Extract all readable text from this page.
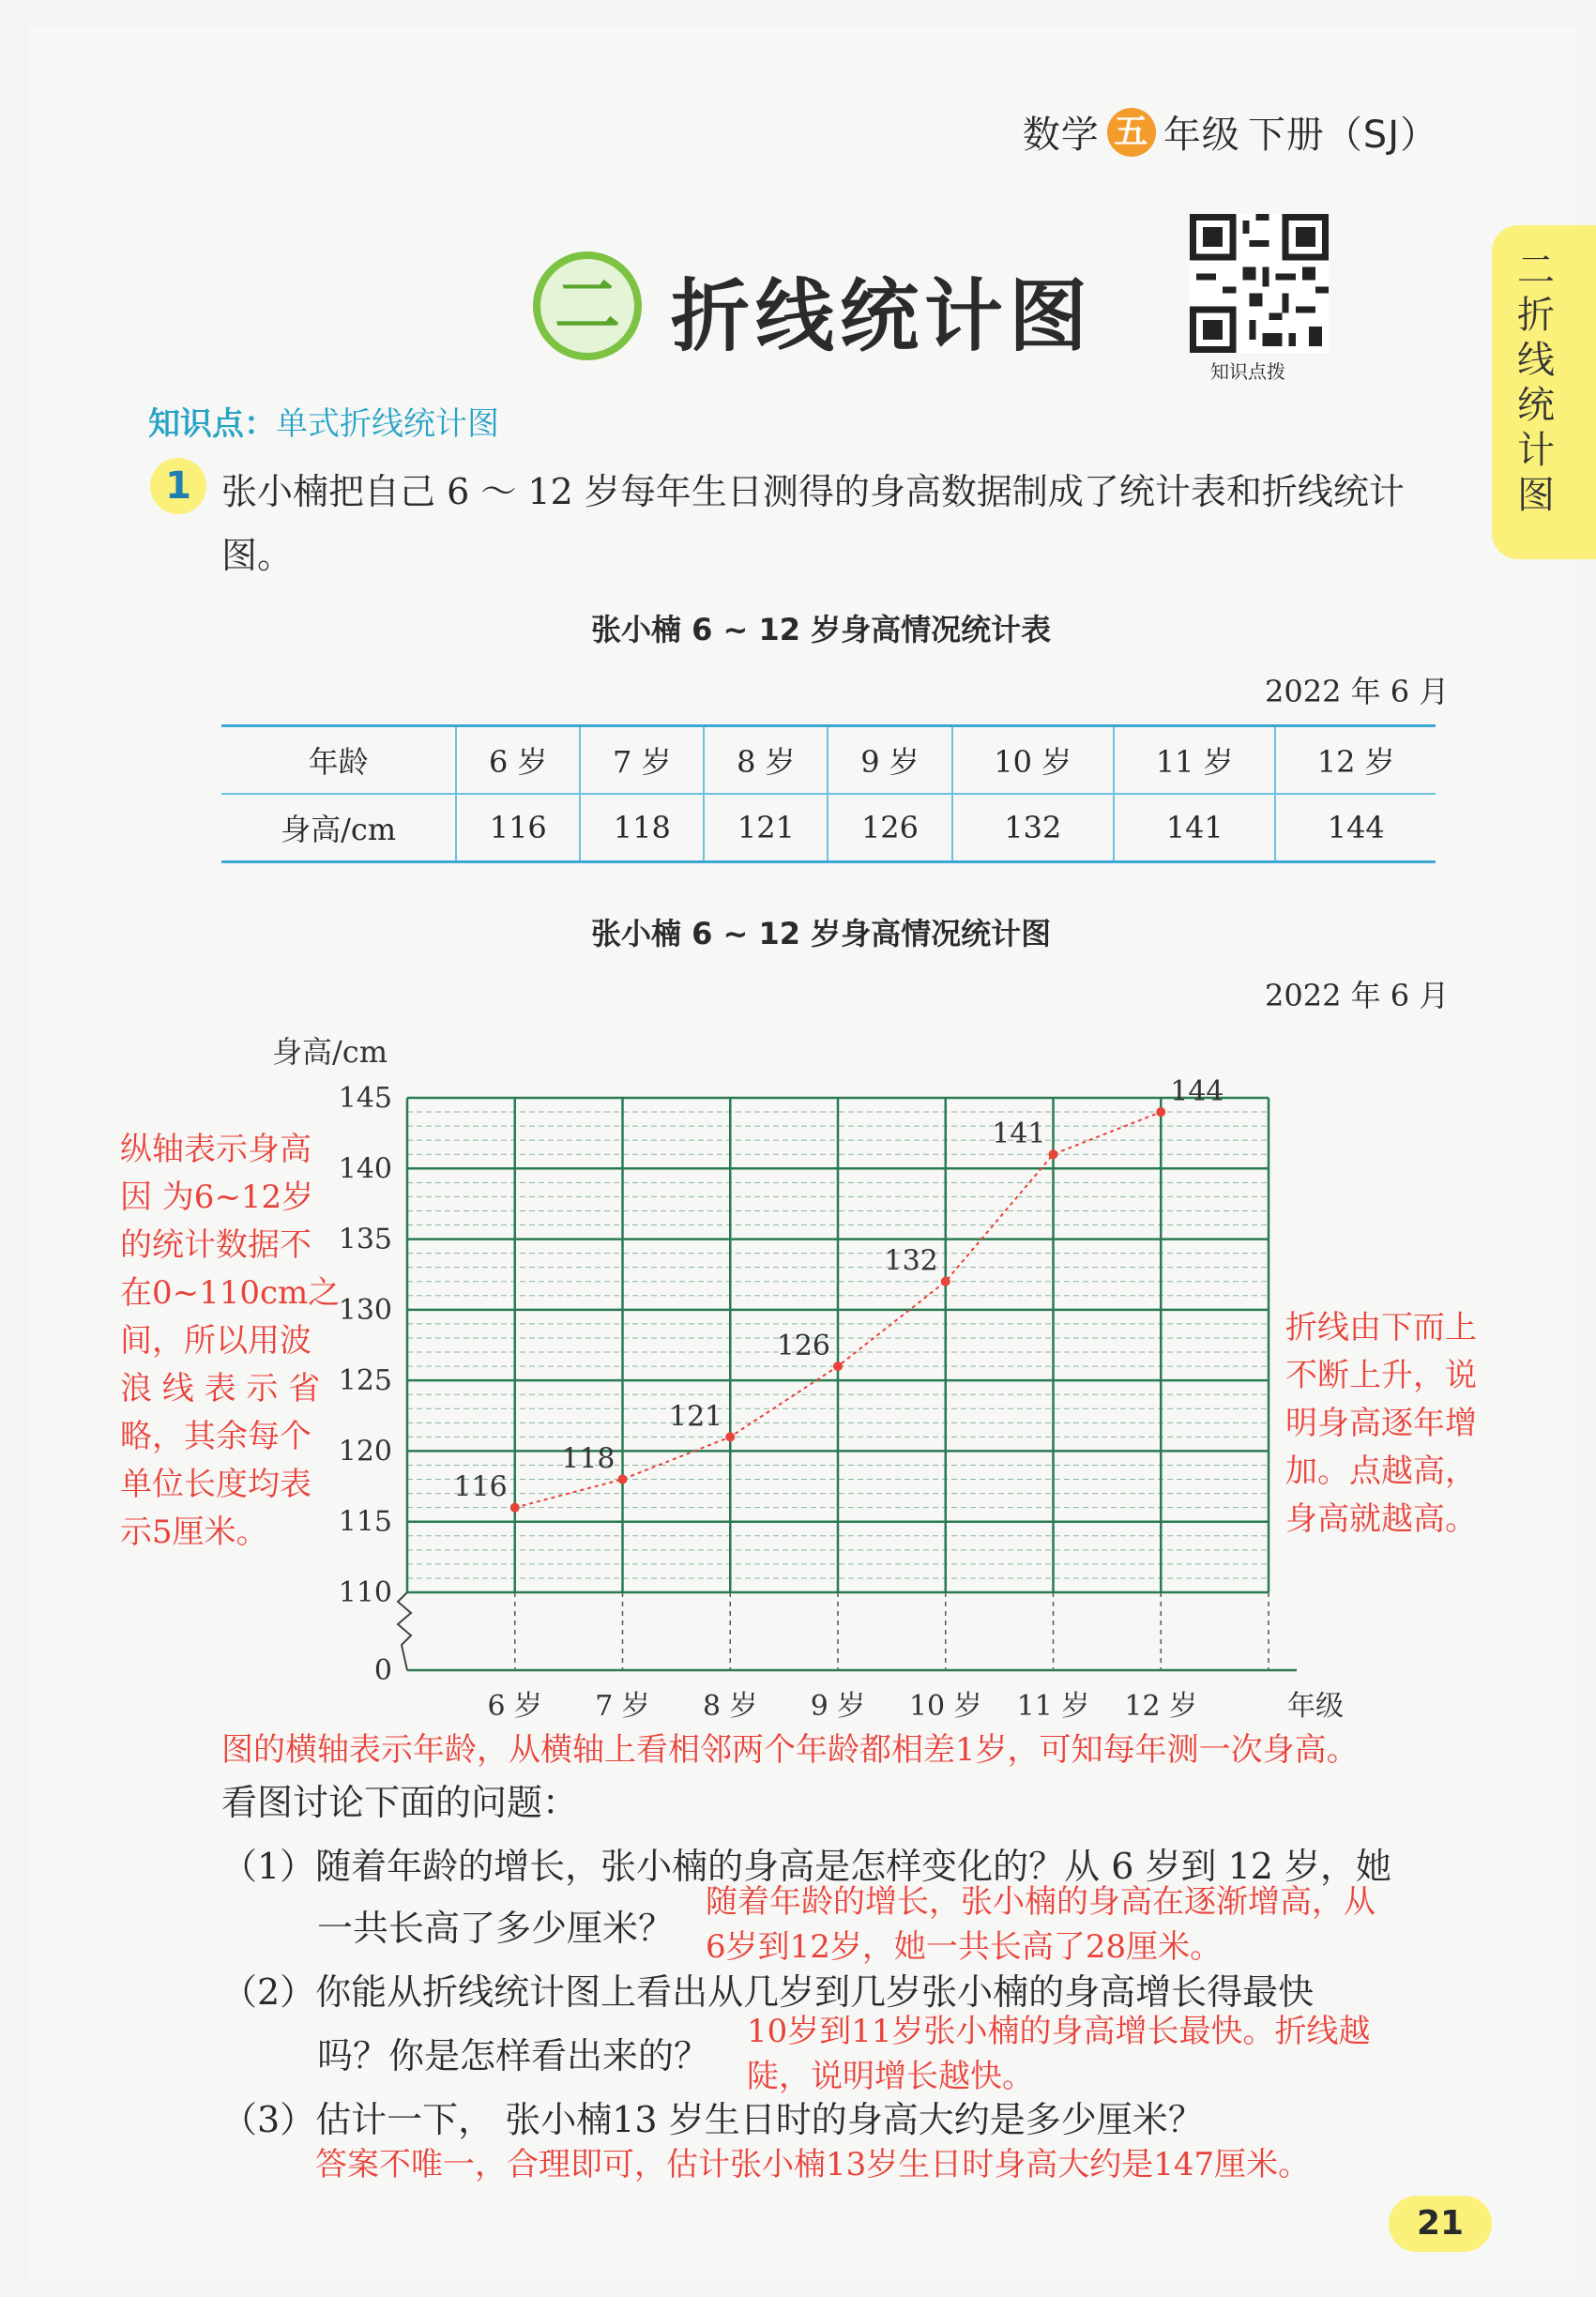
数学 五 年级 下册（SJ）
二 折线统计图
知识点拨
二 折线统计图
知识点：单式折线统计图
1 张小楠把自己 6 ～ 12 岁每年生日测得的身高数据制成了统计表和折线统计图。
张小楠 6 ~ 12 岁身高情况统计表
2022 年 6 月
年龄	6 岁	7 岁	8 岁	9 岁	10 岁	11 岁	12 岁
身高/cm	116	118	121	126	132	141	144
张小楠 6 ~ 12 岁身高情况统计图
2022 年 6 月
145
140
135
130
125
120
115
110
0
身高/cm
6 岁 7 岁 8 岁 9 岁 10 岁 11 岁 12 岁	年级
116
118
121
126
132
141
144
纵轴表示身高
因 为6~12岁
的统计数据不
在0~110cm之
间，所以用波
浪 线 表 示 省
略，其余每个
单位长度均表
示5厘米。
折线由下而上
不断上升，说
明身高逐年增
加。点越高，
身高就越高。
图的横轴表示年龄，从横轴上看相邻两个年龄都相差1岁，可知每年测一次身高。
看图讨论下面的问题：
（1）随着年龄的增长，张小楠的身高是怎样变化的？从 6 岁到 12 岁，她
一共长高了多少厘米？
随着年龄的增长，张小楠的身高在逐渐增高，从
6岁到12岁，她一共长高了28厘米。
（2）你能从折线统计图上看出从几岁到几岁张小楠的身高增长得最快
吗？你是怎样看出来的？
10岁到11岁张小楠的身高增长最快。折线越
陡，说明增长越快。
（3）估计一下， 张小楠13 岁生日时的身高大约是多少厘米？
答案不唯一，合理即可，估计张小楠13岁生日时身高大约是147厘米。
21
